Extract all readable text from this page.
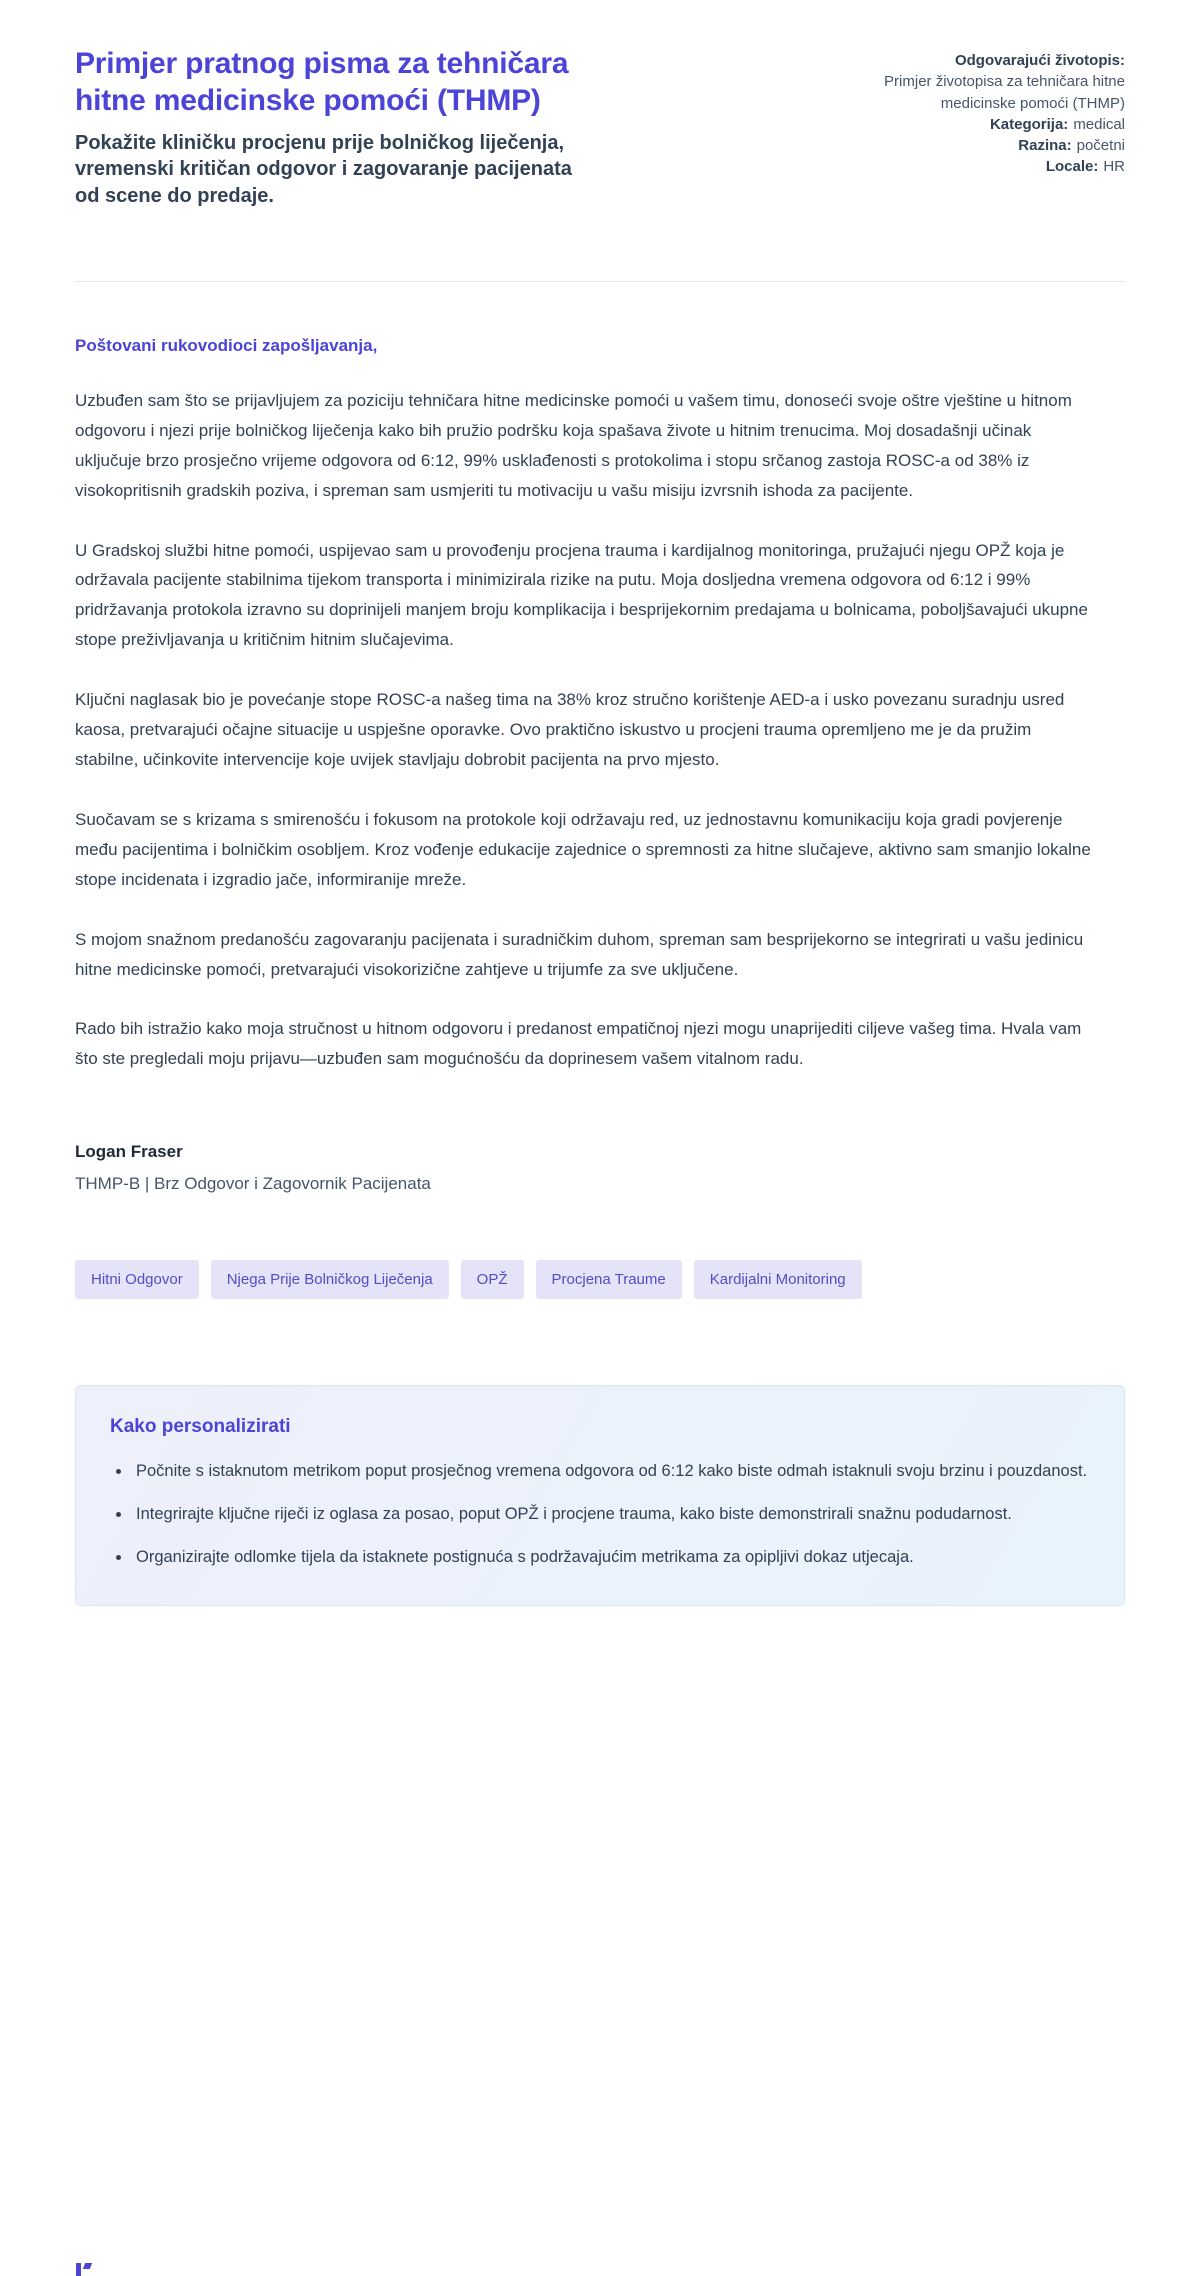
Primjer pratnog pisma za tehničara hitne medicinske pomoći (THMP)

Pokažite kliničku procjenu prije bolničkog liječenja, vremenski kritičan odgovor i zagovaranje pacijenata od scene do predaje.

Odgovarajući životopis:
Primjer životopisa za tehničara hitne medicinske pomoći (THMP)
Kategorija: medical
Razina: početni
Locale: HR

Poštovani rukovodioci zapošljavanja,

Uzbuđen sam što se prijavljujem za poziciju tehničara hitne medicinske pomoći u vašem timu, donoseći svoje oštre vještine u hitnom odgovoru i njezi prije bolničkog liječenja kako bih pružio podršku koja spašava živote u hitnim trenucima. Moj dosadašnji učinak uključuje brzo prosječno vrijeme odgovora od 6:12, 99% usklađenosti s protokolima i stopu srčanog zastoja ROSC-a od 38% iz visokopritisnih gradskih poziva, i spreman sam usmjeriti tu motivaciju u vašu misiju izvrsnih ishoda za pacijente.

U Gradskoj službi hitne pomoći, uspijevao sam u provođenju procjena trauma i kardijalnog monitoringa, pružajući njegu OPŽ koja je održavala pacijente stabilnima tijekom transporta i minimizirala rizike na putu. Moja dosljedna vremena odgovora od 6:12 i 99% pridržavanja protokola izravno su doprinijeli manjem broju komplikacija i besprijekornim predajama u bolnicama, poboljšavajući ukupne stope preživljavanja u kritičnim hitnim slučajevima.

Ključni naglasak bio je povećanje stope ROSC-a našeg tima na 38% kroz stručno korištenje AED-a i usko povezanu suradnju usred kaosa, pretvarajući očajne situacije u uspješne oporavke. Ovo praktično iskustvo u procjeni trauma opremljeno me je da pružim stabilne, učinkovite intervencije koje uvijek stavljaju dobrobit pacijenta na prvo mjesto.

Suočavam se s krizama s smirenošću i fokusom na protokole koji održavaju red, uz jednostavnu komunikaciju koja gradi povjerenje među pacijentima i bolničkim osobljem. Kroz vođenje edukacije zajednice o spremnosti za hitne slučajeve, aktivno sam smanjio lokalne stope incidenata i izgradio jače, informiranije mreže.

S mojom snažnom predanošću zagovaranju pacijenata i suradničkim duhom, spreman sam besprijekorno se integrirati u vašu jedinicu hitne medicinske pomoći, pretvarajući visokorizične zahtjeve u trijumfe za sve uključene.

Rado bih istražio kako moja stručnost u hitnom odgovoru i predanost empatičnoj njezi mogu unaprijediti ciljeve vašeg tima. Hvala vam što ste pregledali moju prijavu—uzbuđen sam mogućnošću da doprinesem vašem vitalnom radu.

Logan Fraser

THMP-B | Brz Odgovor i Zagovornik Pacijenata

Hitni Odgovor	Njega Prije Bolničkog Liječenja	OPŽ	Procjena Traume	Kardijalni Monitoring
Kako personalizirati
• Počnite s istaknutom metrikom poput prosječnog vremena odgovora od 6:12 kako biste odmah istaknuli svoju brzinu i pouzdanost.
• Integrirajte ključne riječi iz oglasa za posao, poput OPŽ i procjene trauma, kako biste demonstrirali snažnu podudarnost.
• Organizirajte odlomke tijela da istaknete postignuća s podržavajućim metrikama za opipljivi dokaz utjecaja.
